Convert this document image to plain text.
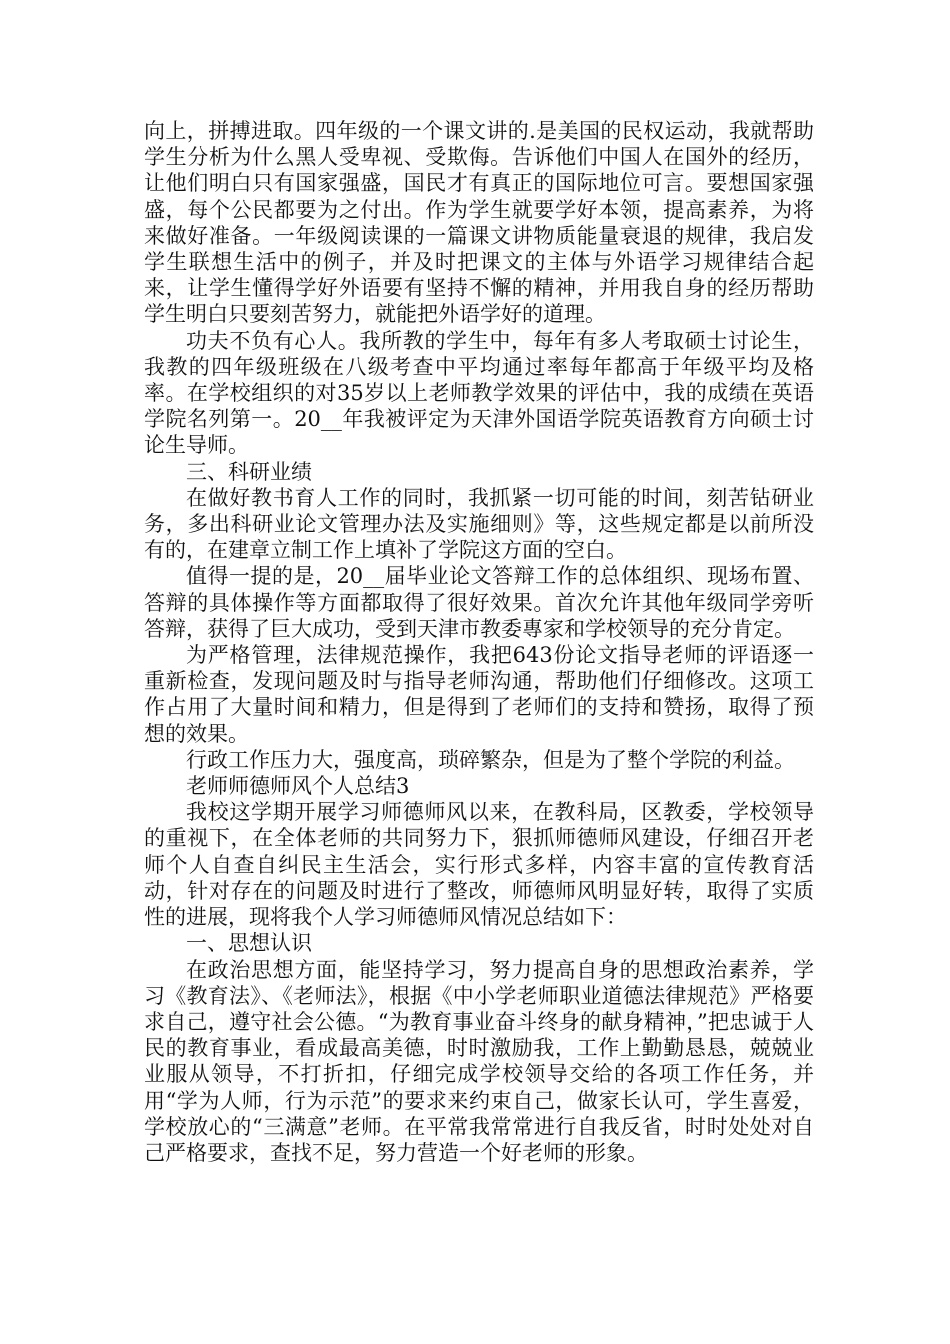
向上，拼搏进取。四年级的一个课文讲的.是美国的民权运动，我就帮助学生分析为什么黑人受卑视、受欺侮。告诉他们中国人在国外的经历，让他们明白只有国家强盛，国民才有真正的国际地位可言。要想国家强盛，每个公民都要为之付出。作为学生就要学好本领，提高素养，为将来做好准备。一年级阅读课的一篇课文讲物质能量衰退的规律，我启发学生联想生活中的例子，并及时把课文的主体与外语学习规律结合起来，让学生懂得学好外语要有坚持不懈的精神，并用我自身的经历帮助学生明白只要刻苦努力，就能把外语学好的道理。

功夫不负有心人。我所教的学生中，每年有多人考取硕士讨论生，我教的四年级班级在八级考查中平均通过率每年都高于年级平均及格率。在学校组织的对35岁以上老师教学效果的评估中，我的成绩在英语学院名列第一。20__年我被评定为天津外国语学院英语教育方向硕士讨论生导师。

三、科研业绩

在做好教书育人工作的同时，我抓紧一切可能的时间，刻苦钻研业务，多出科研业论文管理办法及实施细则》等，这些规定都是以前所没有的，在建章立制工作上填补了学院这方面的空白。

值得一提的是，20__届毕业论文答辩工作的总体组织、现场布置、答辩的具体操作等方面都取得了很好效果。首次允许其他年级同学旁听答辩，获得了巨大成功，受到天津市教委專家和学校领导的充分肯定。

为严格管理，法律规范操作，我把643份论文指导老师的评语逐一重新检查，发现问题及时与指导老师沟通，帮助他们仔细修改。这项工作占用了大量时间和精力，但是得到了老师们的支持和赞扬，取得了预想的效果。

行政工作压力大，强度高，琐碎繁杂，但是为了整个学院的利益。

老师师德师风个人总结3

我校这学期开展学习师德师风以来，在教科局，区教委，学校领导的重视下，在全体老师的共同努力下，狠抓师德师风建设，仔细召开老师个人自查自纠民主生活会，实行形式多样，内容丰富的宣传教育活动，针对存在的问题及时进行了整改，师德师风明显好转，取得了实质性的进展，现将我个人学习师德师风情况总结如下：

一、思想认识

在政治思想方面，能坚持学习，努力提高自身的思想政治素养，学习《教育法》、《老师法》，根据《中小学老师职业道德法律规范》严格要求自己，遵守社会公德。“为教育事业奋斗终身的献身精神，”把忠诚于人民的教育事业，看成最高美德，时时激励我，工作上勤勤恳恳，兢兢业业服从领导，不打折扣，仔细完成学校领导交给的各项工作任务，并用“学为人师，行为示范”的要求来约束自己，做家长认可，学生喜爱，学校放心的“三满意”老师。在平常我常常进行自我反省，时时处处对自己严格要求，查找不足，努力营造一个好老师的形象。
